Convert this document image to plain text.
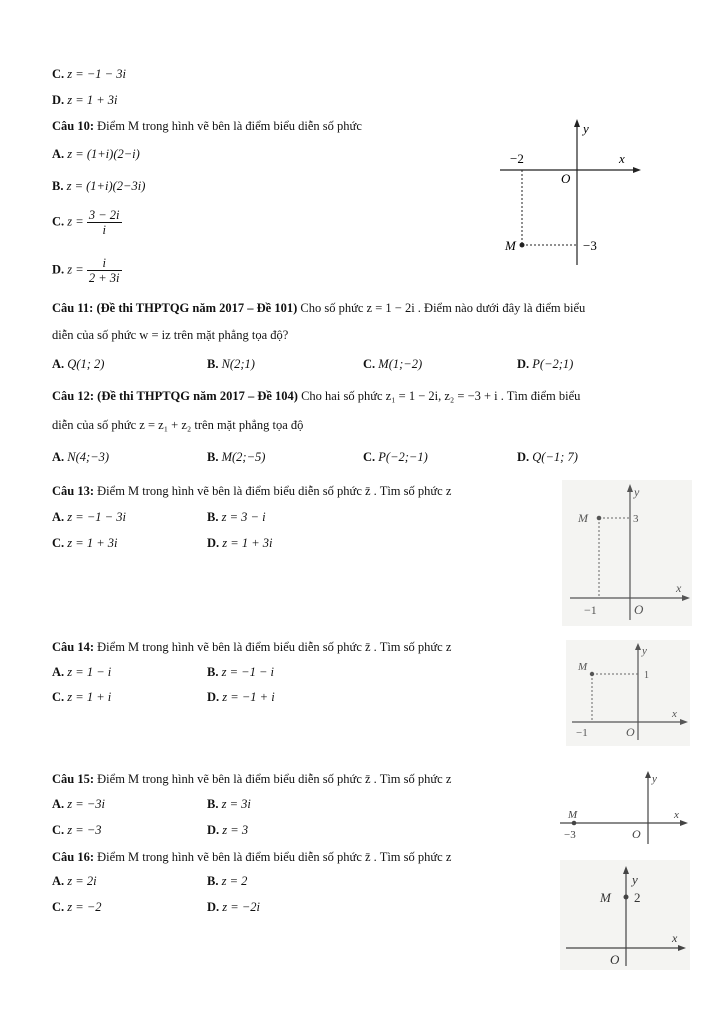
C. z = −1 − 3i
D. z = 1 + 3i
Câu 10: Điểm M trong hình vẽ bên là điểm biểu diễn số phức
A. z = (1+i)(2−i)
B. z = (1+i)(2−3i)
C. $z = \frac{3 - 2i}{i}$
D. $z = \frac{i}{2 + 3i}$
y
x
O
−2
−3
M
Câu 11: (Đề thi THPTQG năm 2017 – Đề 101) Cho số phức z = 1 − 2i . Điểm nào dưới đây là điểm biểu
diễn của số phức w = iz trên mặt phẳng tọa độ?
A. Q(1; 2)	B. N(2;1)	C. M(1;−2)	D. P(−2;1)
Câu 12: (Đề thi THPTQG năm 2017 – Đề 104) Cho hai số phức z₁ = 1 − 2i, z₂ = −3 + i . Tìm điểm biểu
diễn của số phức z = z₁ + z₂ trên mặt phẳng tọa độ
A. N(4;−3)	B. M(2;−5)	C. P(−2;−1)	D. Q(−1; 7)
Câu 13: Điểm M trong hình vẽ bên là điểm biểu diễn số phức z̄ . Tìm số phức z
A. z = −1 − 3i	B. z = 3 − i
C. z = 1 + 3i	D. z = 1 + 3i
y
x
O
−1
3
M
Câu 14: Điểm M trong hình vẽ bên là điểm biểu diễn số phức z̄ . Tìm số phức z
A. z = 1 − i	B. z = −1 − i
C. z = 1 + i	D. z = −1 + i
y
x
O
−1
1
M
Câu 15: Điểm M trong hình vẽ bên là điểm biểu diễn số phức z̄ . Tìm số phức z
A. z = −3i	B. z = 3i
C. z = −3	D. z = 3
y
x
O
−3
M
Câu 16: Điểm M trong hình vẽ bên là điểm biểu diễn số phức z̄ . Tìm số phức z
A. z = 2i	B. z = 2
C. z = −2	D. z = −2i
y
x
O
2
M
